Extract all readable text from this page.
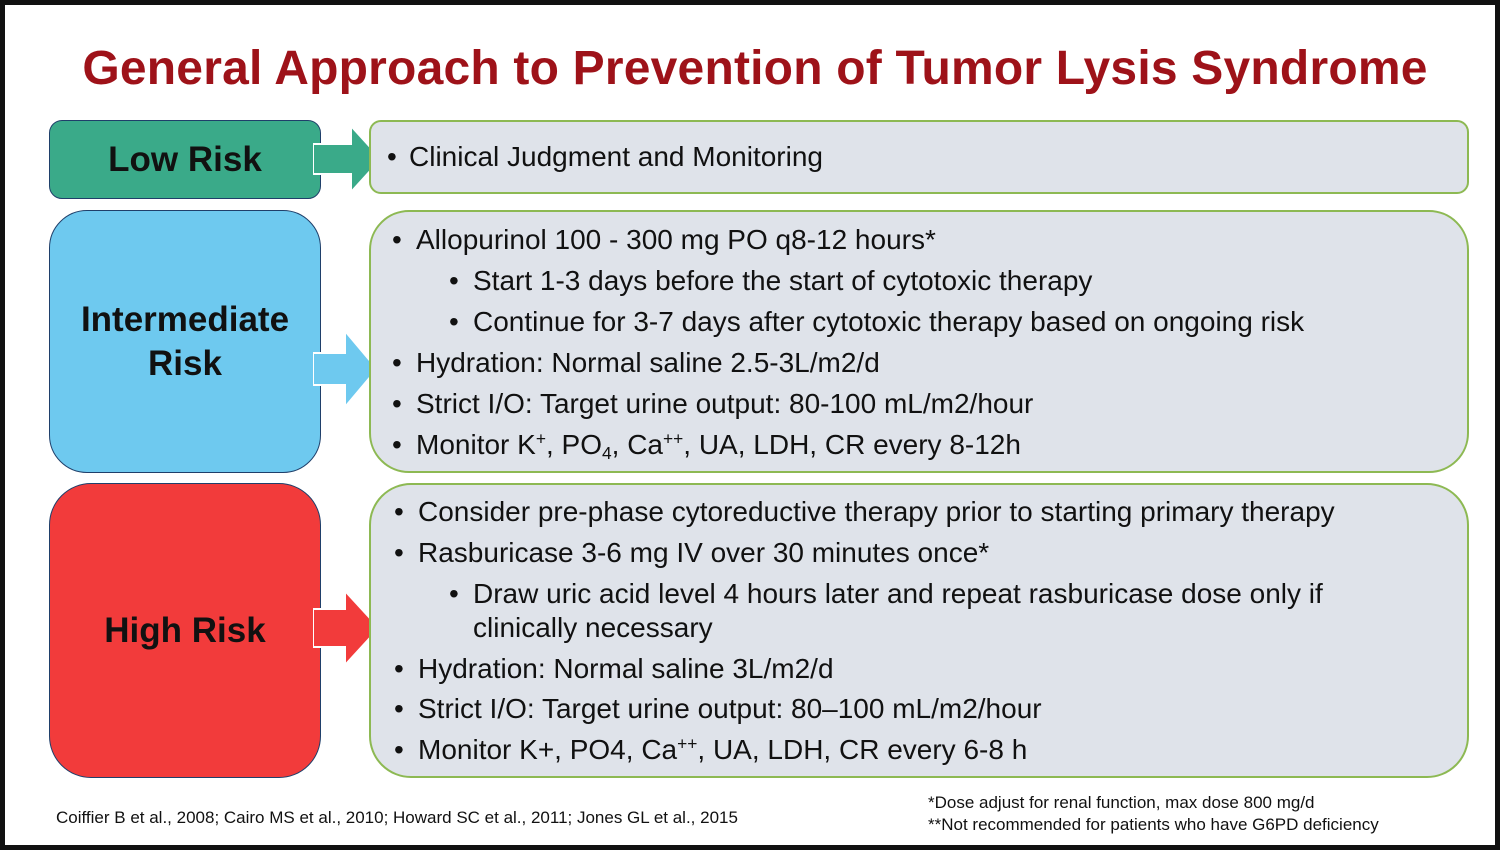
General Approach to Prevention of Tumor Lysis Syndrome
Low Risk	• Clinical Judgment and Monitoring
Intermediate
Risk
• Allopurinol 100 - 300 mg PO q8-12 hours*
• Start 1-3 days before the start of cytotoxic therapy
• Continue for 3-7 days after cytotoxic therapy based on ongoing risk
• Hydration: Normal saline 2.5-3L/m2/d
• Strict I/O: Target urine output: 80-100 mL/m2/hour
• Monitor K+, $PO_4$, Ca++, UA, LDH, CR every 8-12h
High Risk
• Consider pre-phase cytoreductive therapy prior to starting primary therapy
• Rasburicase 3-6 mg IV over 30 minutes once*
• Draw uric acid level 4 hours later and repeat rasburicase dose only if clinically necessary
• Hydration: Normal saline 3L/m2/d
• Strict I/O: Target urine output: 80–100 mL/m2/hour
• Monitor K+, PO4, Ca++, UA, LDH, CR every 6-8 h
Coiffier B et al., 2008; Cairo MS et al., 2010; Howard SC et al., 2011; Jones GL et al., 2015
*Dose adjust for renal function, max dose 800 mg/d
**Not recommended for patients who have G6PD deficiency
